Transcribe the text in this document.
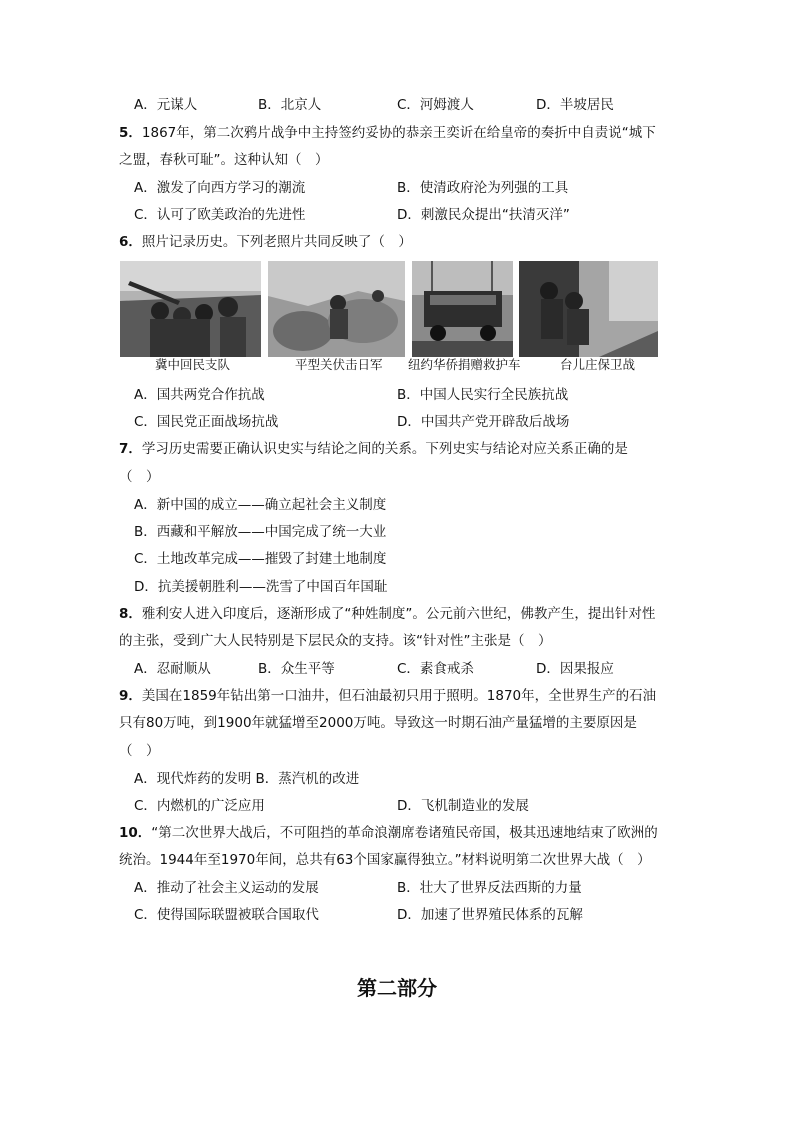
A．元谋人	B．北京人	C．河姆渡人	D．半坡居民
5．1867年，第二次鸦片战争中主持签约妥协的恭亲王奕䜣在给皇帝的奏折中自责说“城下
之盟，春秋可耻”。这种认知（　）
A．激发了向西方学习的潮流	B．使清政府沦为列强的工具
C．认可了欧美政治的先进性	D．刺激民众提出“扶清灭洋”
6．照片记录历史。下列老照片共同反映了（　）
冀中回民支队	平型关伏击日军 纽约华侨捐赠救护车	台儿庄保卫战
A．国共两党合作抗战	B．中国人民实行全民族抗战
C．国民党正面战场抗战	D．中国共产党开辟敌后战场
7．学习历史需要正确认识史实与结论之间的关系。下列史实与结论对应关系正确的是
（　）
A．新中国的成立——确立起社会主义制度
B．西藏和平解放——中国完成了统一大业
C．土地改革完成——摧毁了封建土地制度
D．抗美援朝胜利——洗雪了中国百年国耻
8．雅利安人进入印度后，逐渐形成了“种姓制度”。公元前六世纪，佛教产生，提出针对性
的主张，受到广大人民特别是下层民众的支持。该“针对性”主张是（　）
A．忍耐顺从	B．众生平等	C．素食戒杀	D．因果报应
9．美国在1859年钻出第一口油井，但石油最初只用于照明。1870年，全世界生产的石油
只有80万吨，到1900年就猛增至2000万吨。导致这一时期石油产量猛增的主要原因是
（　）
A．现代炸药的发明 B．蒸汽机的改进
C．内燃机的广泛应用	D．飞机制造业的发展
10．“第二次世界大战后，不可阻挡的革命浪潮席卷诸殖民帝国，极其迅速地结束了欧洲的
统治。1944年至1970年间，总共有63个国家赢得独立。”材料说明第二次世界大战（　）
A．推动了社会主义运动的发展	B．壮大了世界反法西斯的力量
C．使得国际联盟被联合国取代	D．加速了世界殖民体系的瓦解
第二部分
